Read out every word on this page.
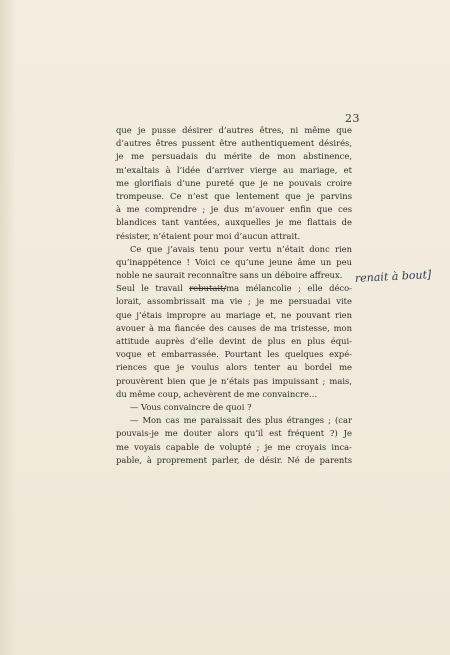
23
que je pusse désirer d’autres êtres, ni même que
d’autres êtres pussent être authentiquement désirés,
je me persuadais du mérite de mon abstinence,
m’exaltais à l’idée d’arriver vierge au mariage, et
me glorifiais d’une pureté que je ne pouvais croire
trompeuse. Ce n’est que lentement que je parvins
à me comprendre ; je dus m’avouer enfin que ces
blandices tant vantées, auxquelles je me flattais de
résister, n’étaient pour moi d’aucun attrait.
Ce que j’avais tenu pour vertu n’était donc rien
qu’inappétence ! Voici ce qu’une jeune âme un peu
noble ne saurait reconnaître sans un déboire affreux.
Seul le travail rebutait/ma mélancolie ; elle déco-
lorait, assombrissait ma vie ; je me persuadai vite
que j’étais impropre au mariage et, ne pouvant rien
avouer à ma fiancée des causes de ma tristesse, mon
attitude auprès d’elle devint de plus en plus équi-
voque et embarrassée. Pourtant les quelques expé-
riences que je voulus alors tenter au bordel me
prouvèrent bien que je n’étais pas impuissant ; mais,
du même coup, achevèrent de me convaincre…
— Vous convaincre de quoi ?
— Mon cas me paraissait des plus étranges ; (car
pouvais-je me douter alors qu’il est fréquent ?) Je
me voyais capable de volupté ; je me croyais inca-
pable, à proprement parler, de désir. Né de parents
renait à bout]
